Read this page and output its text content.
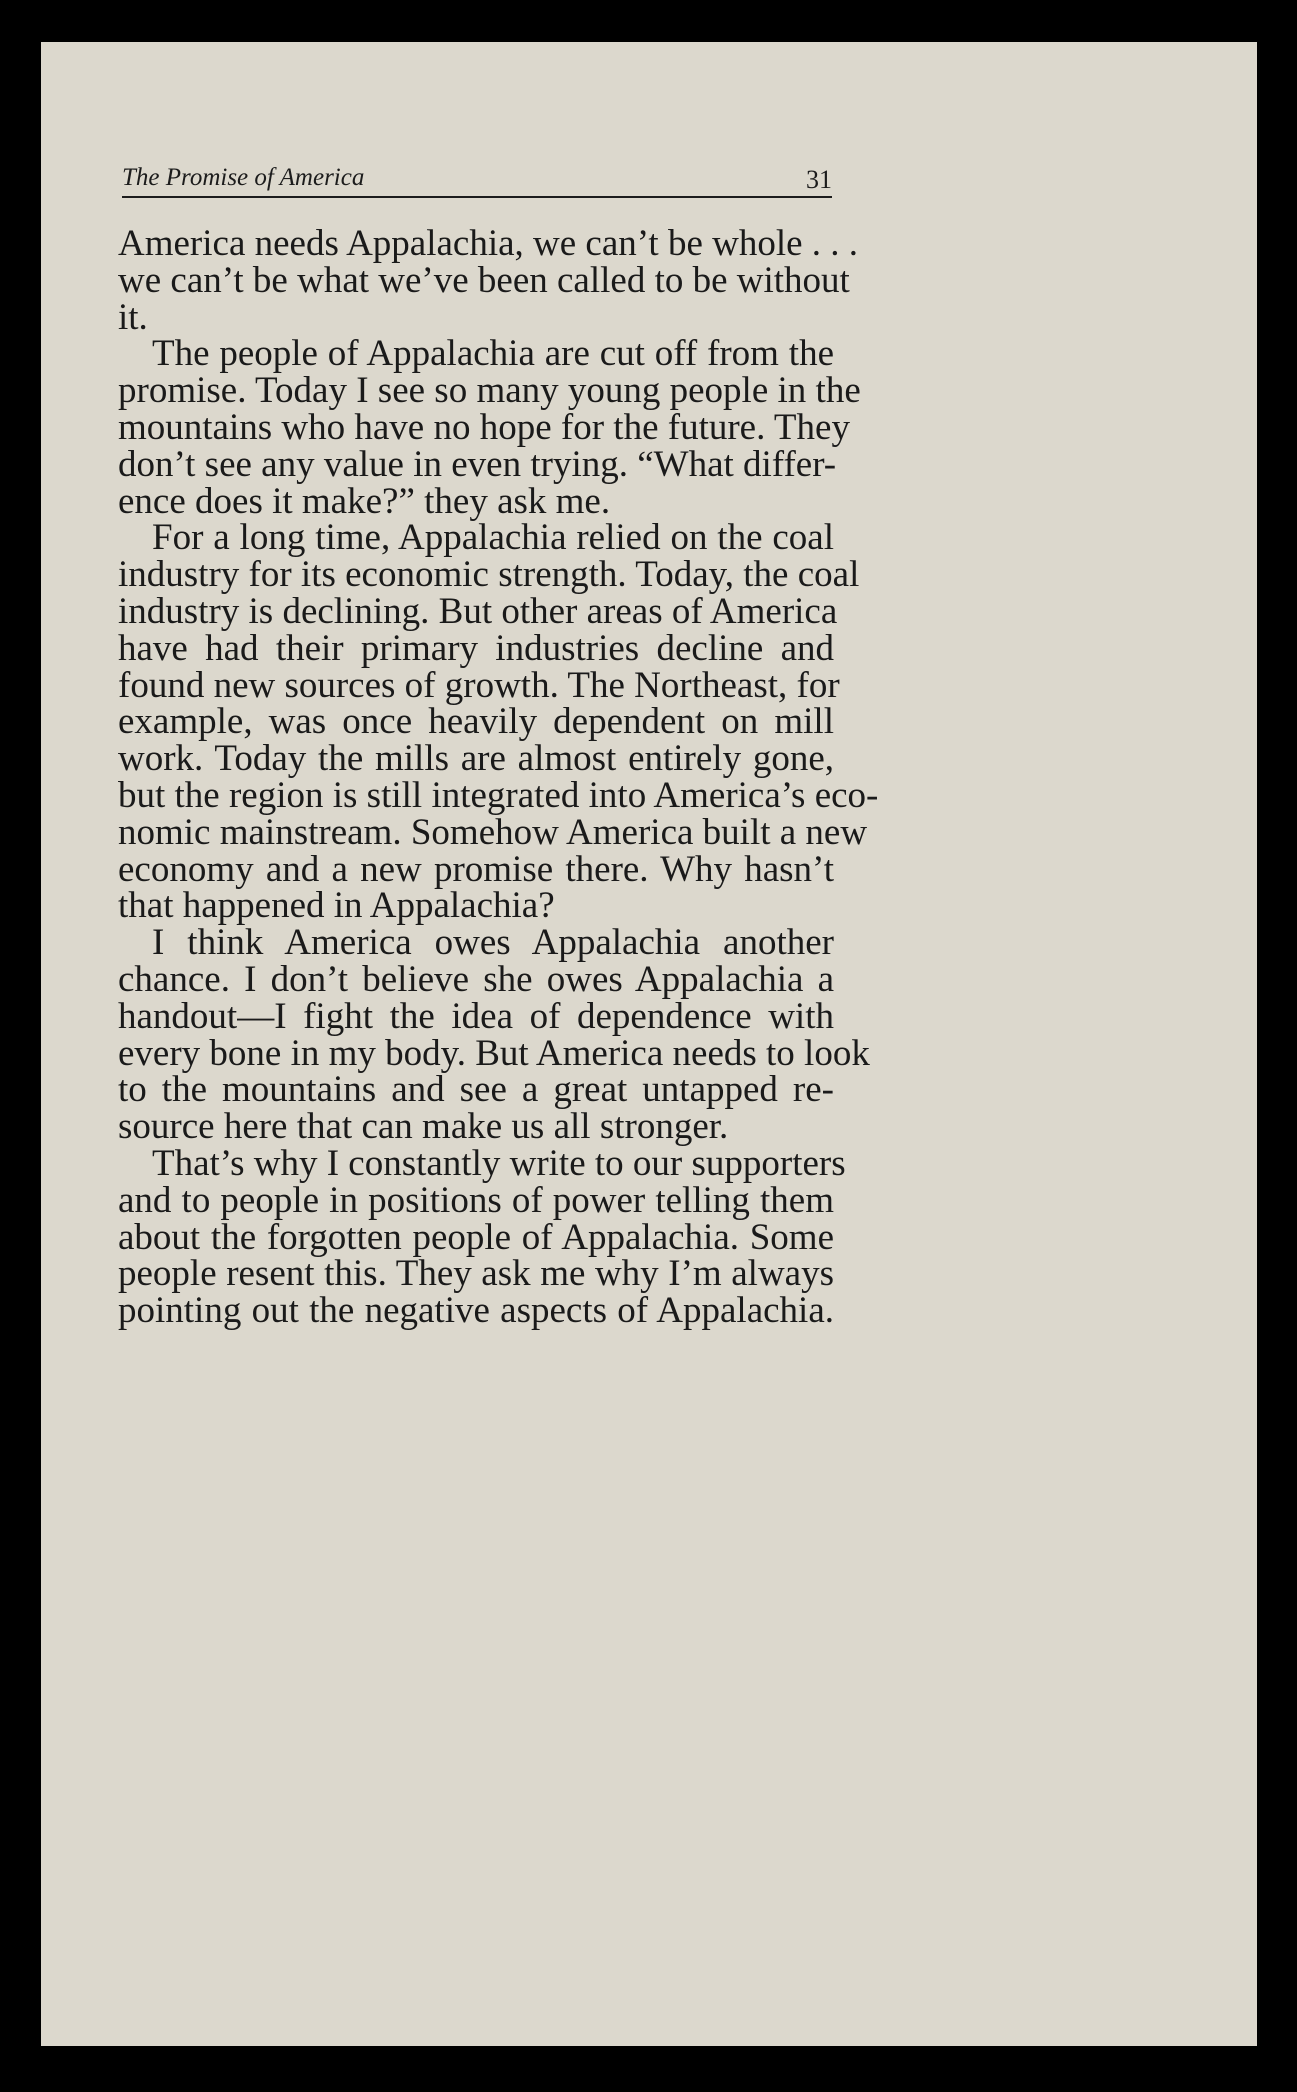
The Promise of America	31
America needs Appalachia, we can’t be whole . . .
we can’t be what we’ve been called to be without
it.
The people of Appalachia are cut off from the
promise. Today I see so many young people in the
mountains who have no hope for the future. They
don’t see any value in even trying. “What differ-
ence does it make?” they ask me.
For a long time, Appalachia relied on the coal
industry for its economic strength. Today, the coal
industry is declining. But other areas of America
have had their primary industries decline and
found new sources of growth. The Northeast, for
example, was once heavily dependent on mill
work. Today the mills are almost entirely gone,
but the region is still integrated into America’s eco-
nomic mainstream. Somehow America built a new
economy and a new promise there. Why hasn’t
that happened in Appalachia?
I think America owes Appalachia another
chance. I don’t believe she owes Appalachia a
handout—I fight the idea of dependence with
every bone in my body. But America needs to look
to the mountains and see a great untapped re-
source here that can make us all stronger.
That’s why I constantly write to our supporters
and to people in positions of power telling them
about the forgotten people of Appalachia. Some
people resent this. They ask me why I’m always
pointing out the negative aspects of Appalachia.
